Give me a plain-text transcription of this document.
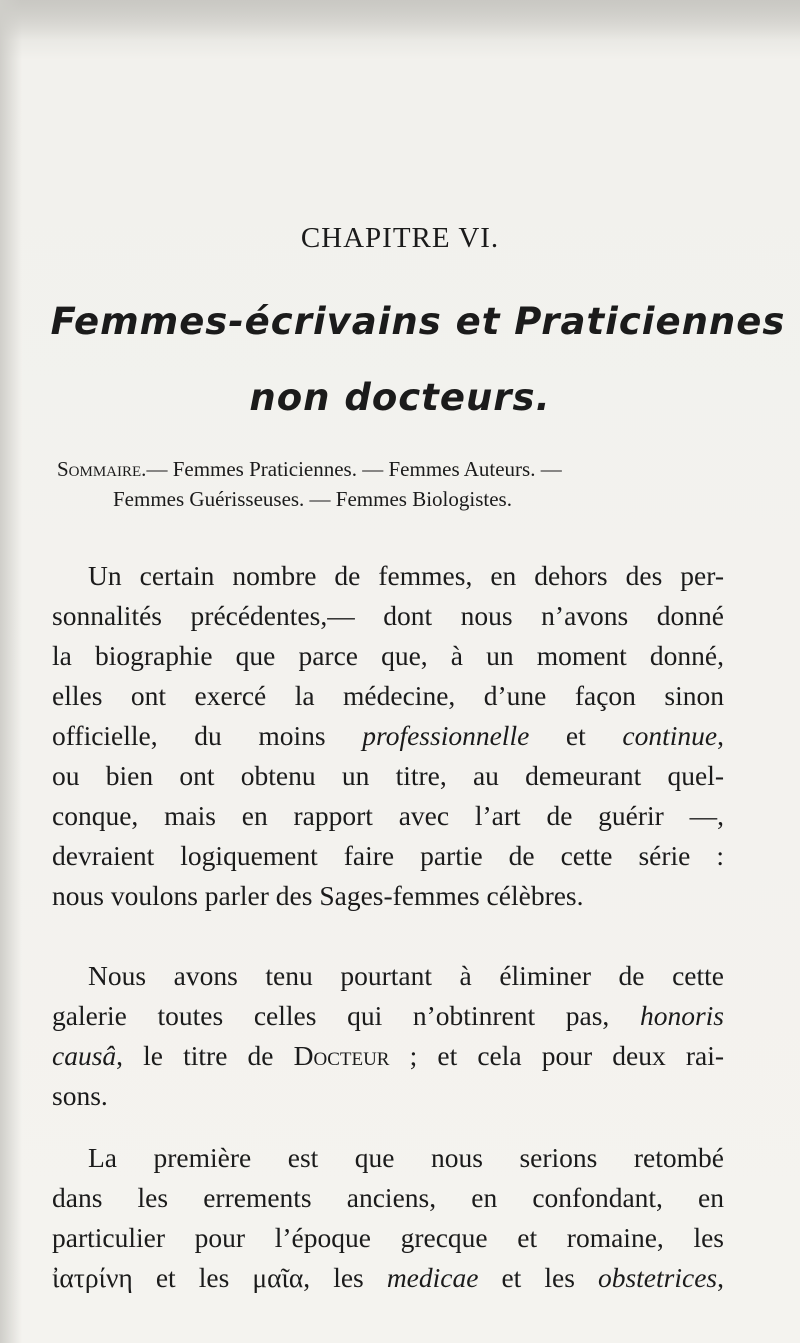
CHAPITRE VI.
Femmes-écrivains et Praticiennes
non docteurs.
Sommaire.— Femmes Praticiennes. — Femmes Auteurs. —
Femmes Guérisseuses. — Femmes Biologistes.
Un certain nombre de femmes, en dehors des per-
sonnalités précédentes,— dont nous n’avons donné
la biographie que parce que, à un moment donné,
elles ont exercé la médecine, d’une façon sinon
officielle, du moins professionnelle et continue,
ou bien ont obtenu un titre, au demeurant quel-
conque, mais en rapport avec l’art de guérir —,
devraient logiquement faire partie de cette série :
nous voulons parler des Sages-femmes célèbres.
Nous avons tenu pourtant à éliminer de cette
galerie toutes celles qui n’obtinrent pas, honoris
causâ, le titre de Docteur ; et cela pour deux rai-
sons.
La première est que nous serions retombé
dans les errements anciens, en confondant, en
particulier pour l’époque grecque et romaine, les
ἰατρίνη et les μαῖα, les medicae et les obstetrices,
